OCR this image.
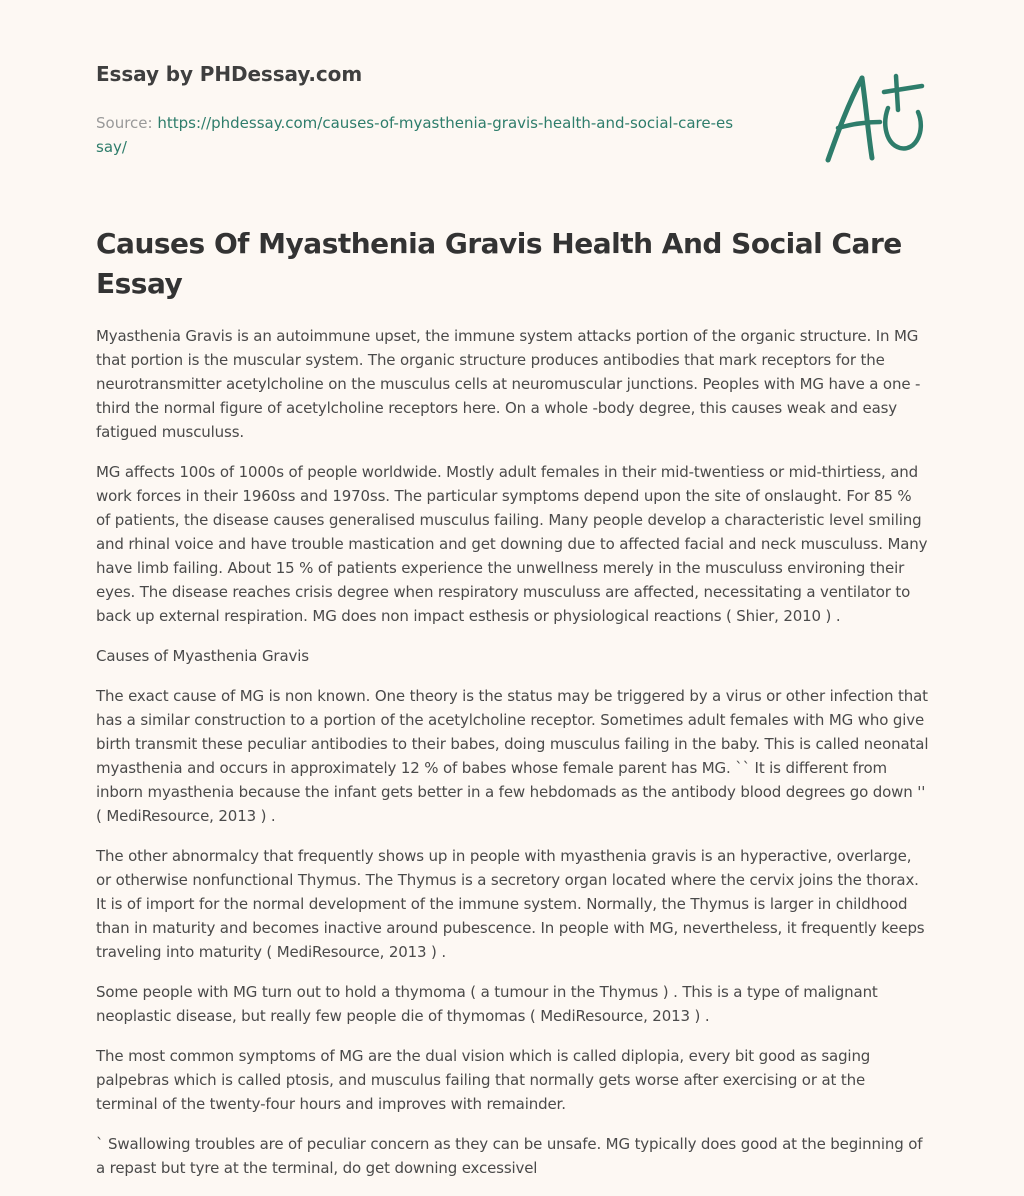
Essay by PHDessay.com
Source: https://phdessay.com/causes-of-myasthenia-gravis-health-and-social-care-essay/
Causes Of Myasthenia Gravis Health And Social Care Essay

Myasthenia Gravis is an autoimmune upset, the immune system attacks portion of the organic structure. In MG that portion is the muscular system. The organic structure produces antibodies that mark receptors for the neurotransmitter acetylcholine on the musculus cells at neuromuscular junctions. Peoples with MG have a one - third the normal figure of acetylcholine receptors here. On a whole -body degree, this causes weak and easy fatigued musculuss.

MG affects 100s of 1000s of people worldwide. Mostly adult females in their mid-twentiess or mid-thirtiess, and work forces in their 1960ss and 1970ss. The particular symptoms depend upon the site of onslaught. For 85 % of patients, the disease causes generalised musculus failing. Many people develop a characteristic level smiling and rhinal voice and have trouble mastication and get downing due to affected facial and neck musculuss. Many have limb failing. About 15 % of patients experience the unwellness merely in the musculuss environing their eyes. The disease reaches crisis degree when respiratory musculuss are affected, necessitating a ventilator to back up external respiration. MG does non impact esthesis or physiological reactions ( Shier, 2010 ) .

Causes of Myasthenia Gravis

The exact cause of MG is non known. One theory is the status may be triggered by a virus or other infection that has a similar construction to a portion of the acetylcholine receptor. Sometimes adult females with MG who give birth transmit these peculiar antibodies to their babes, doing musculus failing in the baby. This is called neonatal myasthenia and occurs in approximately 12 % of babes whose female parent has MG. `` It is different from inborn myasthenia because the infant gets better in a few hebdomads as the antibody blood degrees go down '' ( MediResource, 2013 ) .

The other abnormalcy that frequently shows up in people with myasthenia gravis is an hyperactive, overlarge, or otherwise nonfunctional Thymus. The Thymus is a secretory organ located where the cervix joins the thorax. It is of import for the normal development of the immune system. Normally, the Thymus is larger in childhood than in maturity and becomes inactive around pubescence. In people with MG, nevertheless, it frequently keeps traveling into maturity ( MediResource, 2013 ) .

Some people with MG turn out to hold a thymoma ( a tumour in the Thymus ) . This is a type of malignant neoplastic disease, but really few people die of thymomas ( MediResource, 2013 ) .

The most common symptoms of MG are the dual vision which is called diplopia, every bit good as saging palpebras which is called ptosis, and musculus failing that normally gets worse after exercising or at the terminal of the twenty-four hours and improves with remainder.

` Swallowing troubles are of peculiar concern as they can be unsafe. MG typically does good at the beginning of a repast but tyre at the terminal, do get downing excessivel
